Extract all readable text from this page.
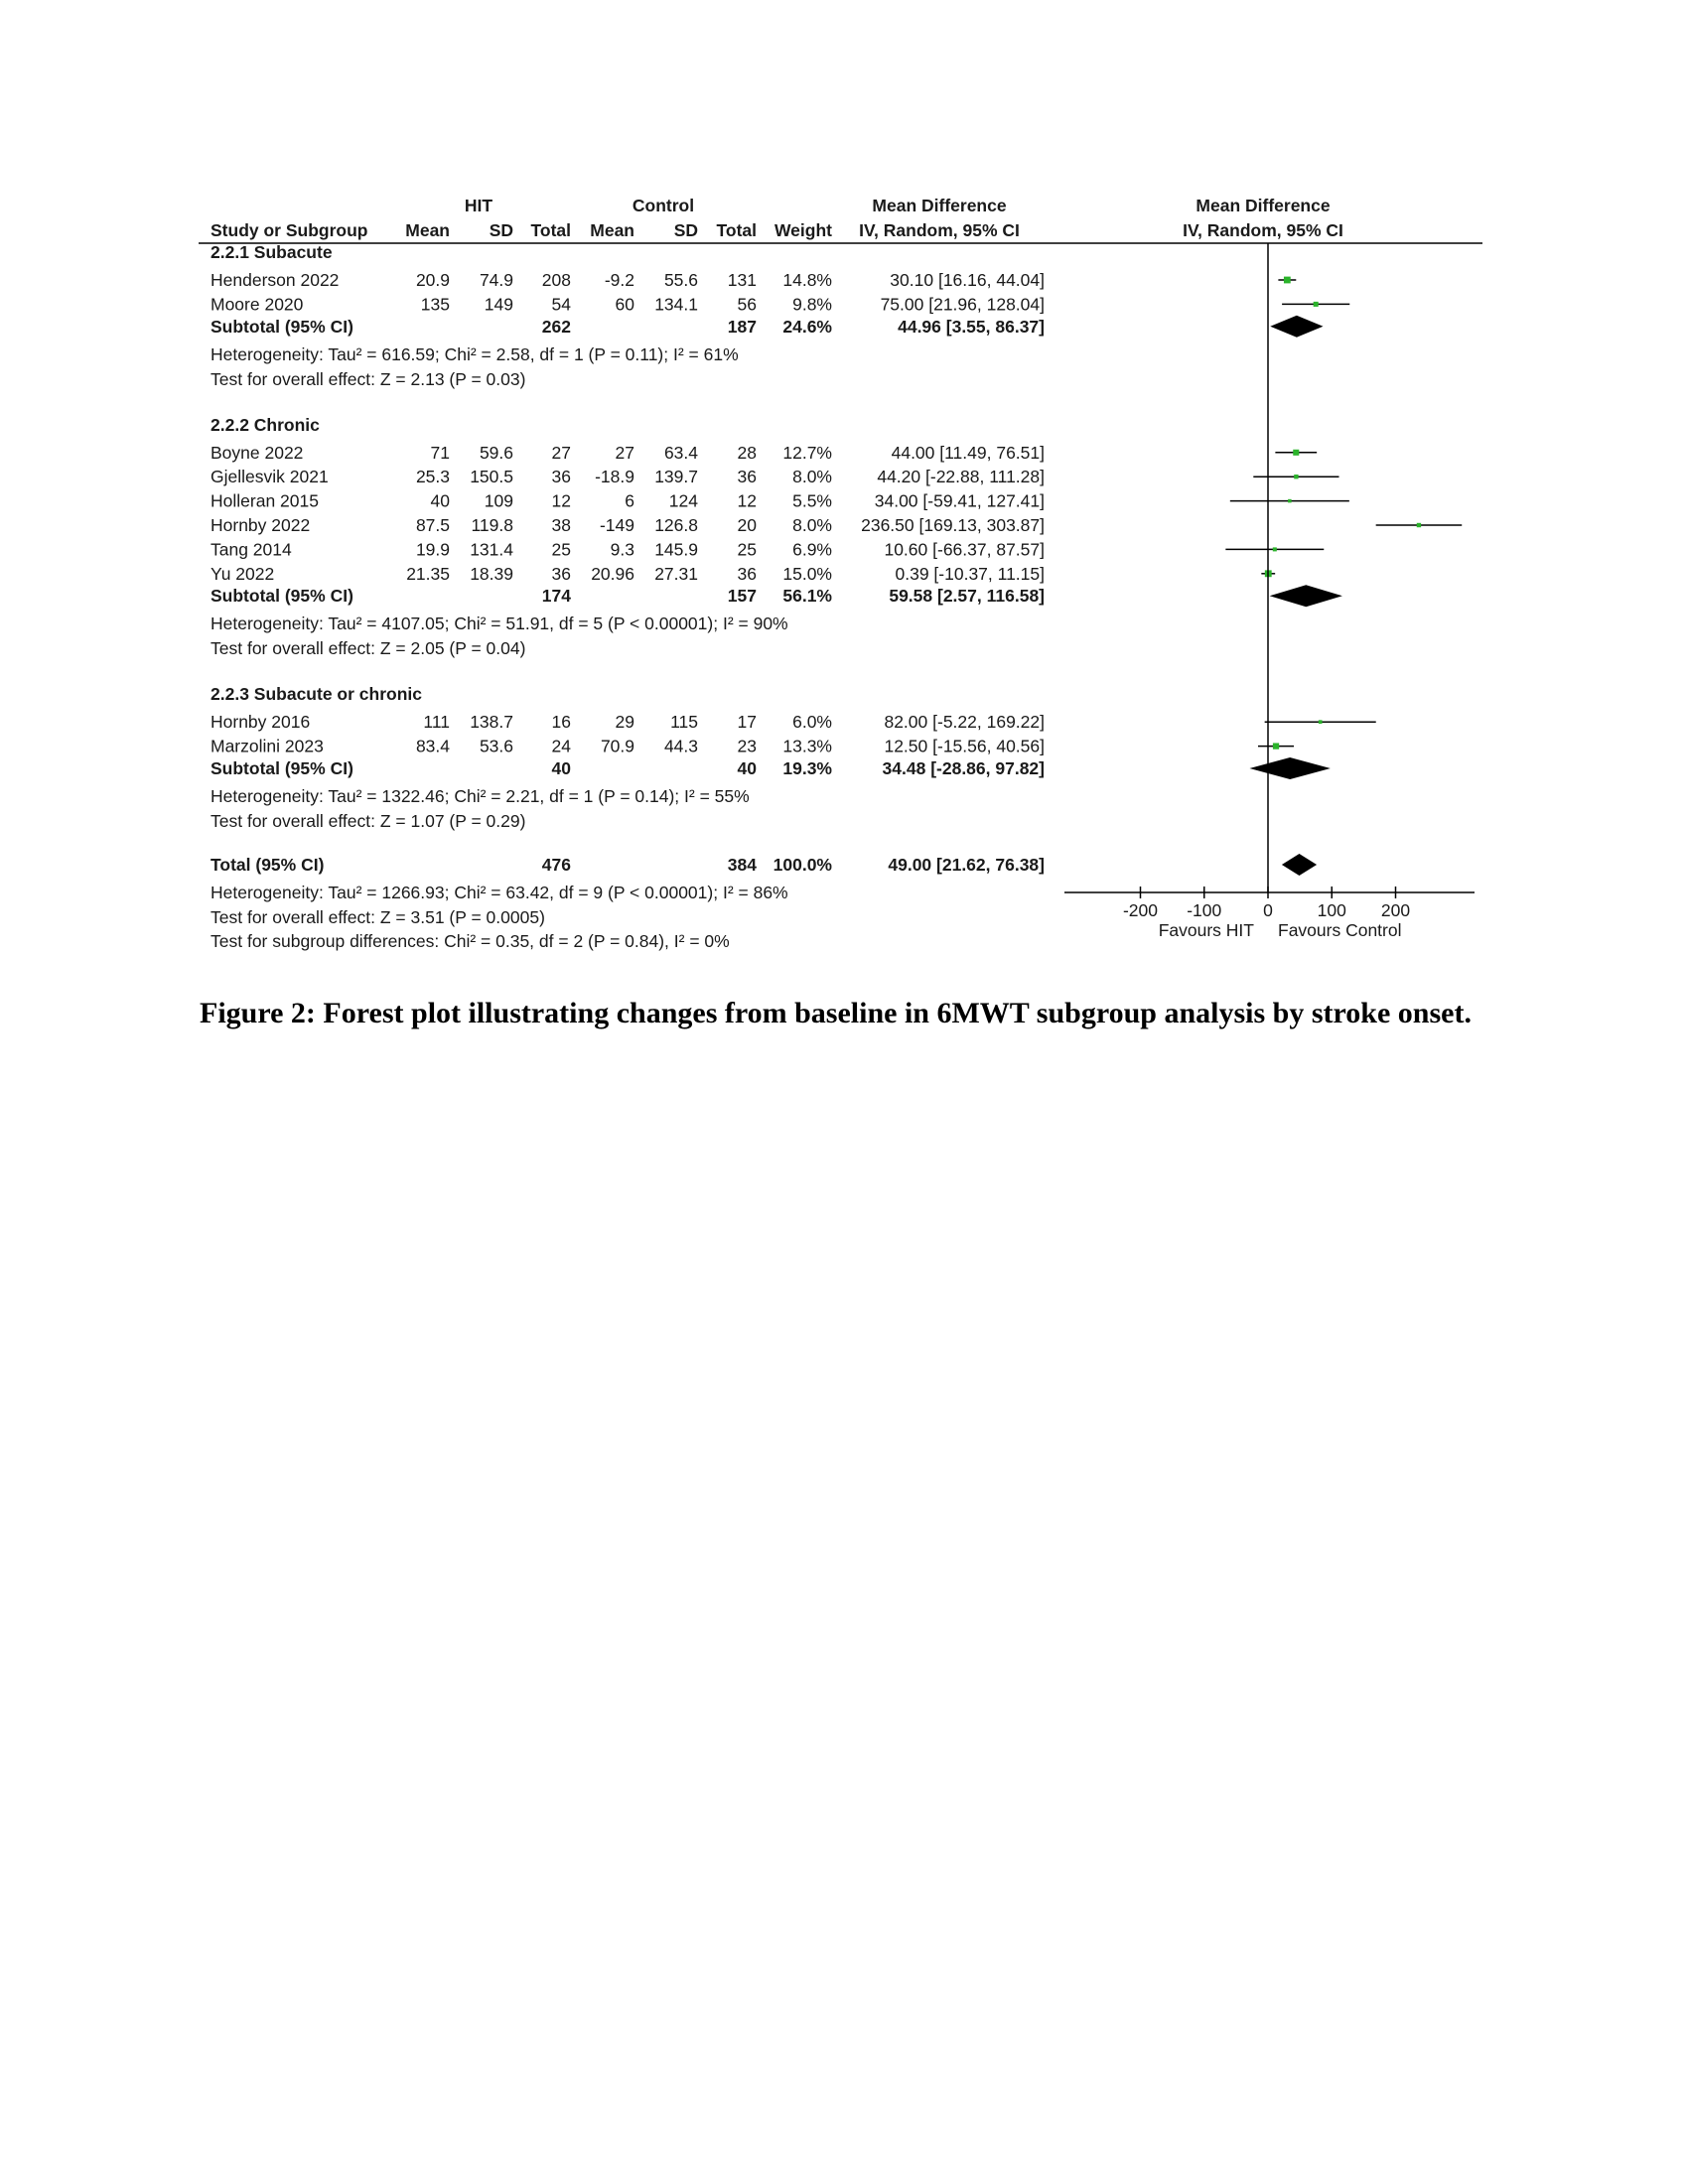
HIT	Control	Mean Difference	Mean Difference
Study or Subgroup Mean SD Total Mean SD Total Weight IV, Random, 95% CI	IV, Random, 95% CI
2.2.1 Subacute
Henderson 2022	20.9 74.9 208 -9.2 55.6 131 14.8%	30.10 [16.16, 44.04]
Moore 2020	135 149 54	60 134.1 56 9.8%	75.00 [21.96, 128.04]
Subtotal (95% CI)	262	187 24.6%	44.96 [3.55, 86.37]
Heterogeneity: Tau² = 616.59; Chi² = 2.58, df = 1 (P = 0.11); I² = 61%
Test for overall effect: Z = 2.13 (P = 0.03)
2.2.2 Chronic
Boyne 2022	71 59.6 27	27 63.4 28 12.7%	44.00 [11.49, 76.51]
Gjellesvik 2021	25.3 150.5 36 -18.9 139.7 36 8.0%	44.20 [-22.88, 111.28]
Holleran 2015	40 109 12	6 124 12 5.5% 34.00 [-59.41, 127.41]
Hornby 2022	87.5 119.8 38 -149 126.8 20 8.0% 236.50 [169.13, 303.87]
Tang 2014	19.9 131.4 25 9.3 145.9 25 6.9%	10.60 [-66.37, 87.57]
Yu 2022	21.35 18.39 36 20.96 27.31 36 15.0%	0.39 [-10.37, 11.15]
Subtotal (95% CI)	174	157 56.1%	59.58 [2.57, 116.58]
Heterogeneity: Tau² = 4107.05; Chi² = 51.91, df = 5 (P < 0.00001); I² = 90%
Test for overall effect: Z = 2.05 (P = 0.04)
2.2.3 Subacute or chronic
Hornby 2016	111 138.7 16	29 115 17 6.0%	82.00 [-5.22, 169.22]
Marzolini 2023	83.4 53.6 24 70.9 44.3 23 13.3%	12.50 [-15.56, 40.56]
Subtotal (95% CI)	40	40 19.3%	34.48 [-28.86, 97.82]
Heterogeneity: Tau² = 1322.46; Chi² = 2.21, df = 1 (P = 0.14); I² = 55%
Test for overall effect: Z = 1.07 (P = 0.29)
Total (95% CI)	476	384 100.0%	49.00 [21.62, 76.38]
Heterogeneity: Tau² = 1266.93; Chi² = 63.42, df = 9 (P < 0.00001); I² = 86%
Test for overall effect: Z = 3.51 (P = 0.0005)
Test for subgroup differences: Chi² = 0.35, df = 2 (P = 0.84), I² = 0%
-200 -100 0	100 200
Favours HIT Favours Control
Figure 2: Forest plot illustrating changes from baseline in 6MWT subgroup analysis by stroke onset.
